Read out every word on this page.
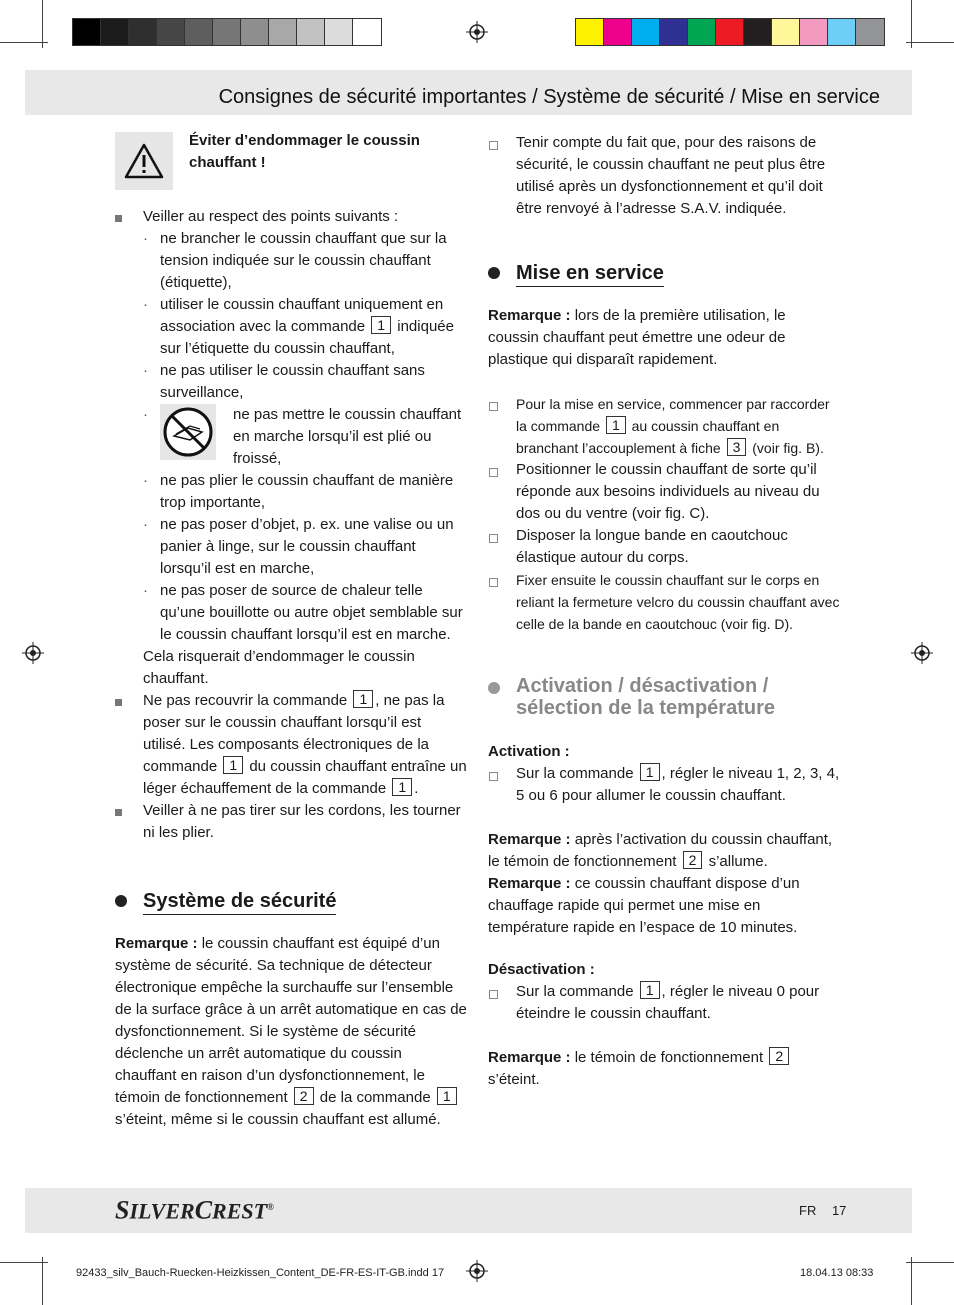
Consignes de sécurité importantes / Système de sécurité / Mise en service
Éviter d’endommager le coussin chauffant !
Veiller au respect des points suivants :
· ne brancher le coussin chauffant que sur la tension indiquée sur le coussin chauffant (étiquette),
· utiliser le coussin chauffant uniquement en association avec la commande 1 indiquée sur l’étiquette du coussin chauffant,
· ne pas utiliser le coussin chauffant sans surveillance,
·	ne pas mettre le coussin chauffant en marche lorsqu’il est plié ou froissé,
· ne pas plier le coussin chauffant de manière trop importante,
· ne pas poser d’objet, p. ex. une valise ou un panier à linge, sur le coussin chauffant lorsqu’il est en marche,
· ne pas poser de source de chaleur telle qu’une bouillotte ou autre objet semblable sur le coussin chauffant lorsqu’il est en marche.
Cela risquerait d’endommager le coussin chauffant.
Ne pas recouvrir la commande 1 , ne pas la poser sur le coussin chauffant lorsqu’il est utilisé. Les composants électroniques de la commande 1 du coussin chauffant entraîne un léger échauffement de la commande 1 .
Veiller à ne pas tirer sur les cordons, les tourner ni les plier.
Système de sécurité
Remarque : le coussin chauffant est équipé d’un système de sécurité. Sa technique de détecteur électronique empêche la surchauffe sur l’ensemble de la surface grâce à un arrêt automatique en cas de dysfonctionnement. Si le système de sécurité déclenche un arrêt automatique du coussin chauffant en raison d’un dysfonctionnement, le témoin de fonctionnement 2 de la commande 1 s’éteint, même si le coussin chauffant est allumé.
Tenir compte du fait que, pour des raisons de sécurité, le coussin chauffant ne peut plus être utilisé après un dysfonctionnement et qu’il doit être renvoyé à l’adresse S.A.V. indiquée.
Mise en service
Remarque : lors de la première utilisation, le coussin chauffant peut émettre une odeur de plastique qui disparaît rapidement.
Pour la mise en service, commencer par raccorder la commande 1 au coussin chauffant en branchant l’accouplement à fiche 3 (voir fig. B).
Positionner le coussin chauffant de sorte qu’il réponde aux besoins individuels au niveau du dos ou du ventre (voir fig. C).
Disposer la longue bande en caoutchouc élastique autour du corps.
Fixer ensuite le coussin chauffant sur le corps en reliant la fermeture velcro du coussin chauffant avec celle de la bande en caoutchouc (voir fig. D).
Activation / désactivation / sélection de la température
Activation :
Sur la commande 1 , régler le niveau 1, 2, 3, 4, 5 ou 6 pour allumer le coussin chauffant.
Remarque : après l’activation du coussin chauffant, le témoin de fonctionnement 2 s’allume.
Remarque : ce coussin chauffant dispose d’un chauffage rapide qui permet une mise en température rapide en l’espace de 10 minutes.
Désactivation :
Sur la commande 1 , régler le niveau 0 pour éteindre le coussin chauffant.
Remarque : le témoin de fonctionnement 2 s’éteint.
SILVERCREST®	FR 17
92433_silv_Bauch-Ruecken-Heizkissen_Content_DE-FR-ES-IT-GB.indd 17	18.04.13 08:33
